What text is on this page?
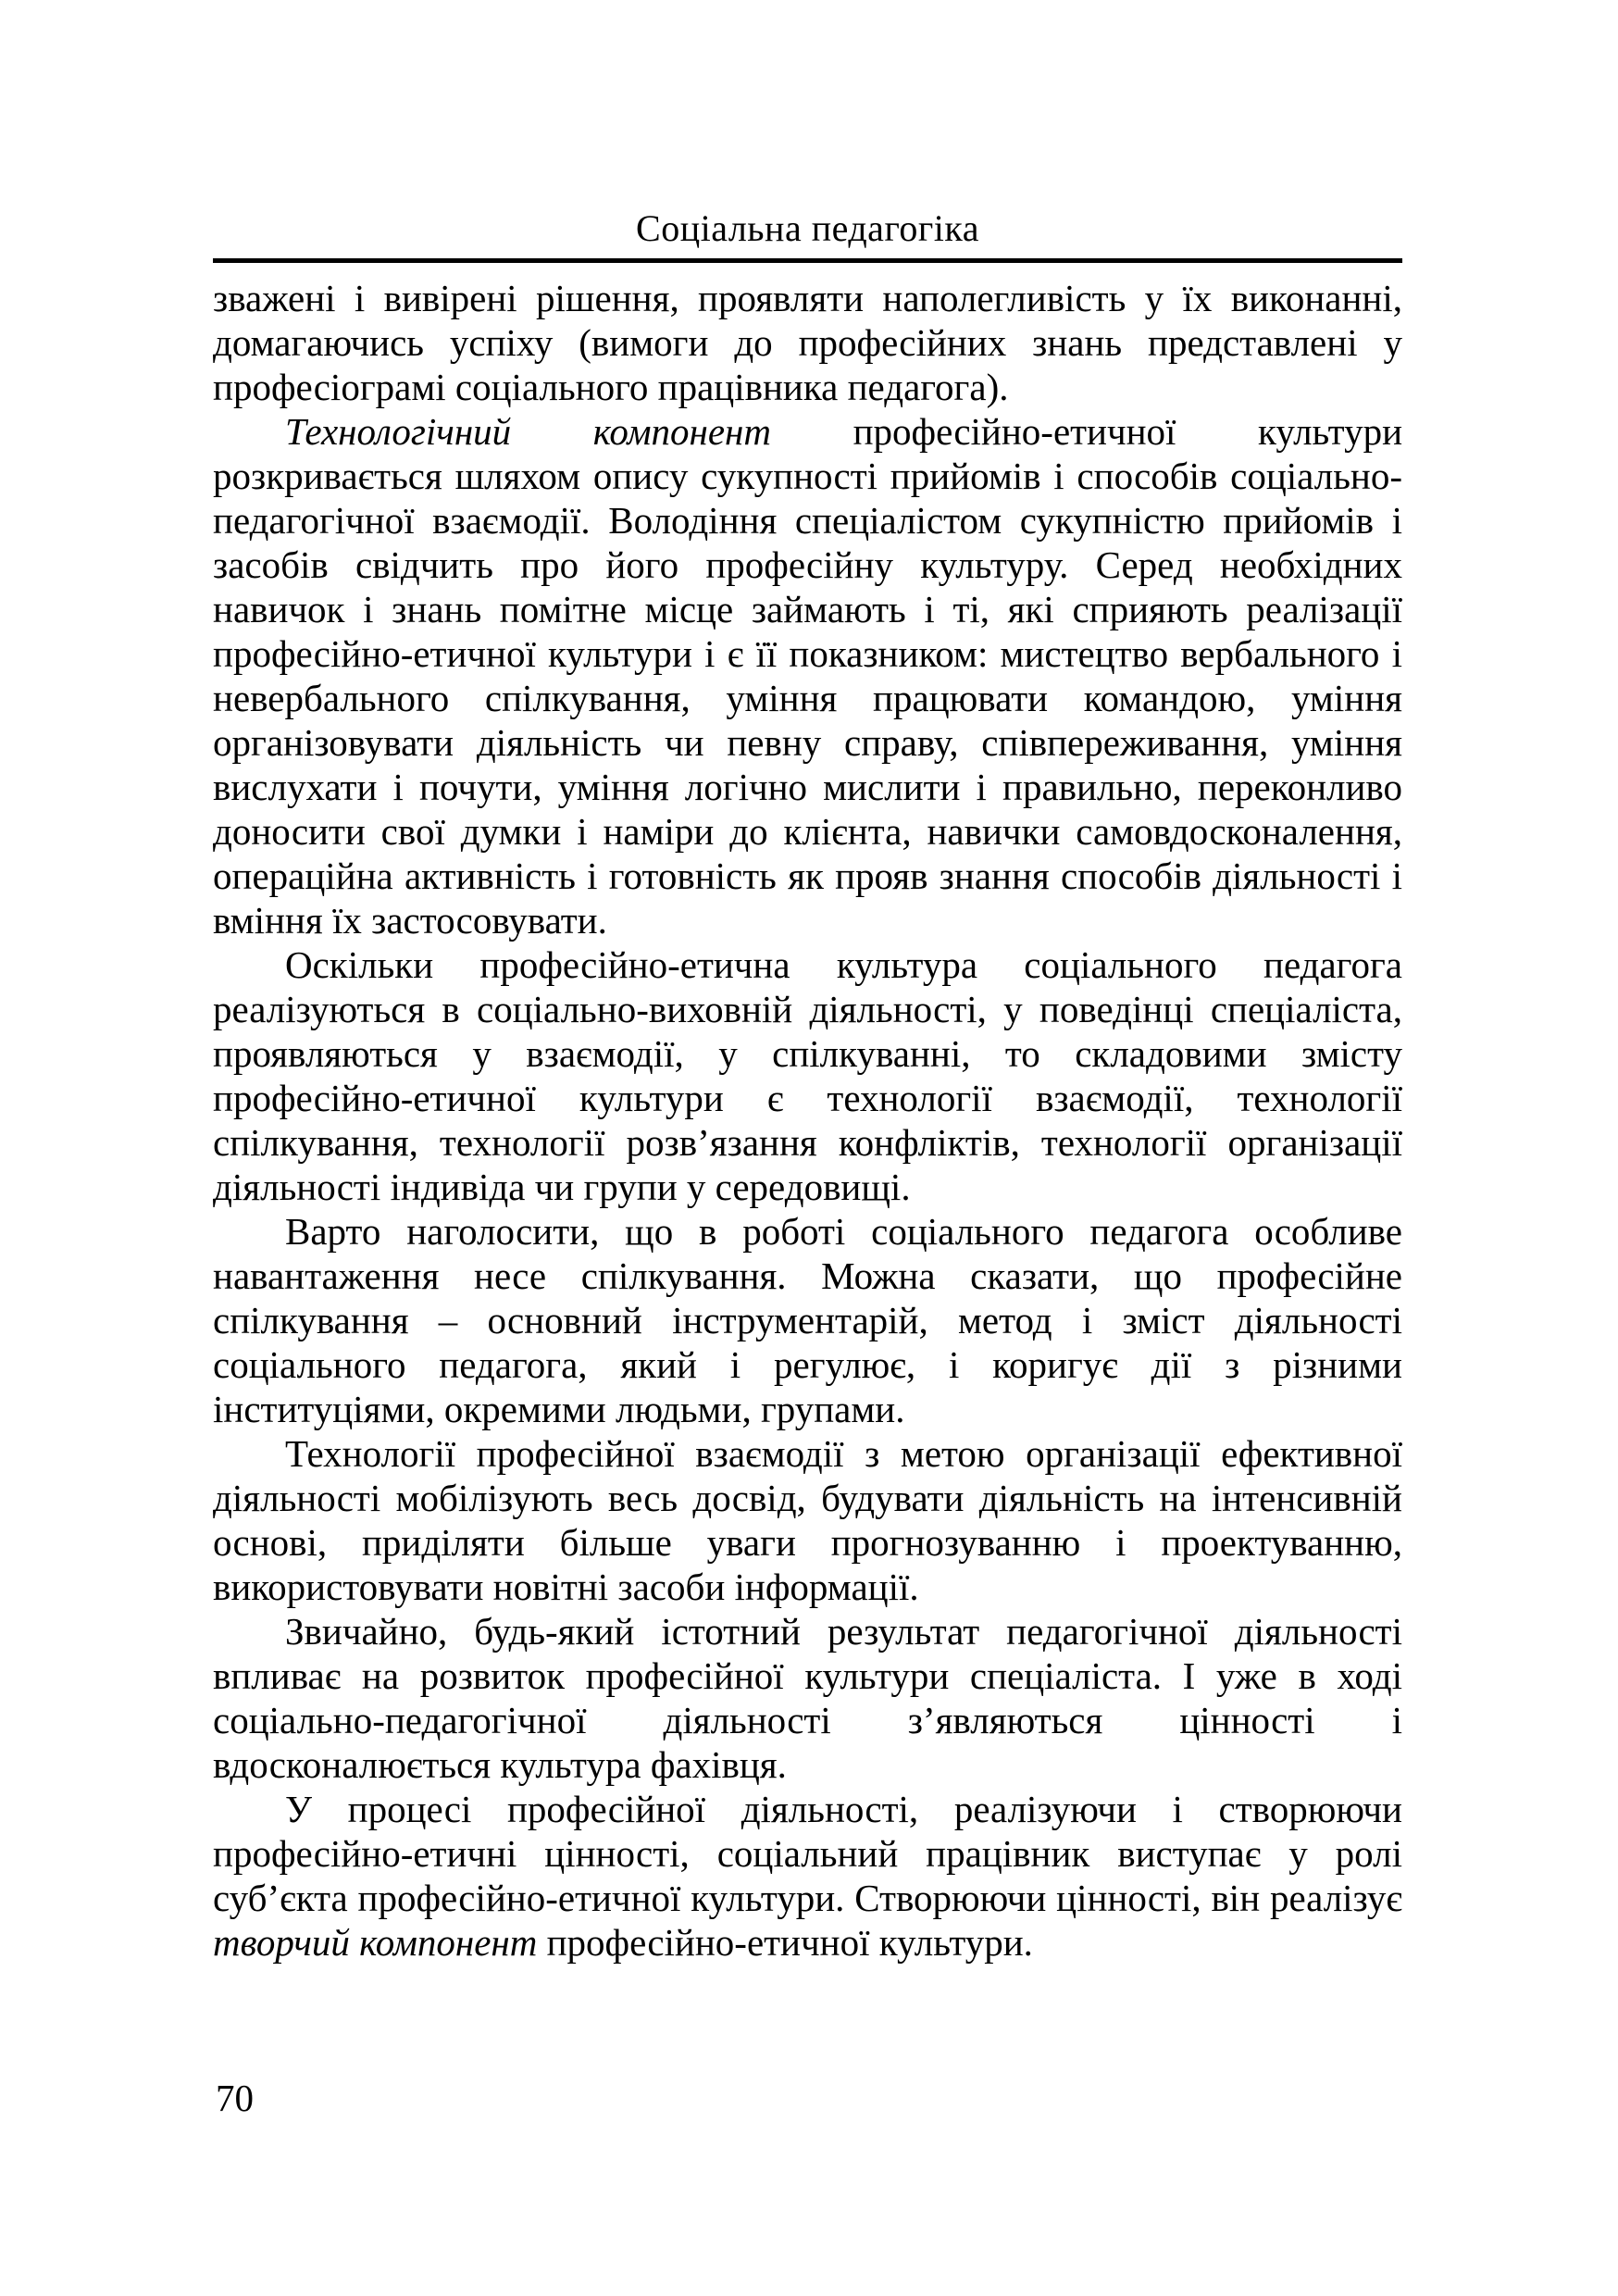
Соціальна педагогіка

зважені і вивірені рішення, проявляти наполегливість у їх виконанні, домагаючись успіху (вимоги до професійних знань представлені у професіограмі соціального працівника педагога).

Технологічний компонент професійно-етичної культури розкривається шляхом опису сукупності прийомів і способів соціально-педагогічної взаємодії. Володіння спеціалістом сукупністю прийомів і засобів свідчить про його професійну культуру. Серед необхідних навичок і знань помітне місце займають і ті, які сприяють реалізації професійно-етичної культури і є її показником: мистецтво вербального і невербального спілкування, уміння працювати командою, уміння організовувати діяльність чи певну справу, співпереживання, уміння вислухати і почути, уміння логічно мислити і правильно, переконливо доносити свої думки і наміри до клієнта, навички самовдосконалення, операційна активність і готовність як прояв знання способів діяльності і вміння їх застосовувати.

Оскільки професійно-етична культура соціального педагога реалізуються в соціально-виховній діяльності, у поведінці спеціаліста, проявляються у взаємодії, у спілкуванні, то складовими змісту професійно-етичної культури є технології взаємодії, технології спілкування, технології розв’язання конфліктів, технології організації діяльності індивіда чи групи у середовищі.

Варто наголосити, що в роботі соціального педагога особливе навантаження несе спілкування. Можна сказати, що професійне спілкування – основний інструментарій, метод і зміст діяльності соціального педагога, який і регулює, і коригує дії з різними інституціями, окремими людьми, групами.

Технології професійної взаємодії з метою організації ефективної діяльності мобілізують весь досвід, будувати діяльність на інтенсивній основі, приділяти більше уваги прогнозуванню і проектуванню, використовувати новітні засоби інформації.

Звичайно, будь-який істотний результат педагогічної діяльності впливає на розвиток професійної культури спеціаліста. І уже в ході соціально-педагогічної діяльності з’являються цінності і вдосконалюється культура фахівця.

У процесі професійної діяльності, реалізуючи і створюючи професійно-етичні цінності, соціальний працівник виступає у ролі суб’єкта професійно-етичної культури. Створюючи цінності, він реалізує творчий компонент професійно-етичної культури.

70
